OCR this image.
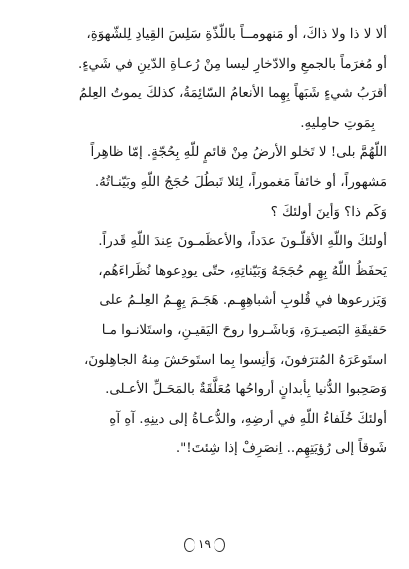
ألا لا ذا ولا ذاكَ، أو مَنهومــاً باللّذّةِ سَلِسَ القِيادِ لِلشّهوَةِ،
أو مُغرَماً بالجمعِ والادّخارِ ليسا مِنْ رُعـاةِ الدّينِ في شَيءٍ.
أقرَبُ شيءٍ شَبَهاً بِهِما الأنعامُ السّائِمَةُ، كذلكَ يموتُ العِلمُ
بِمَوتِ حامِليهِ.
اللّهُمَّ بلى! لا تَخلو الأرضُ مِنْ قائمٍ للّهِ بِحُجّةٍ. إمّا ظاهِراً
مَشهوراً، أو خائفاً مَغموراً، لِئلا تَبطُلَ حُجَجُ اللّهِ وبَيّنـاتُهُ.
وَكَم ذا؟ وَأينَ أولئكَ ؟
أولئكَ واللّهِ الأقلّـونَ عدَداً، والأعظَمـونَ عِندَ اللّهِ قَدراً.
يَحفَظُ اللّهُ بِهِم حُجَجَهُ وَبَيّناتِهِ، حتّى يودِعوها نُظَراءَهُم،
وَيَزرعوها في قُلوبِ أشباهِهِـم. هَجَـمَ بِهِـمُ العِلـمُ على
حَقيقَةِ البَصيـرَةِ، وَباشَـروا روحَ اليَقيـنِ، واستَلانـوا مـا
استَوعَرَهُ المُترَفونَ، وَأنِسوا بِما استَوحَشَ مِنهُ الجاهِلونَ،
وَصَحِبوا الدُّنيا بِأبدانٍ أرواحُها مُعَلَّقَةٌ بالمَحَـلِّ الأعـلى.
أولئكَ خُلَفاءُ اللّهِ في أرضِهِ، والدُّعـاةُ إلى دينِهِ. آهِ آهِ
شَوقاً إلى رُؤيَتِهِم.. اِنصَرِفْ إذا شِئتَ!".
١٩
